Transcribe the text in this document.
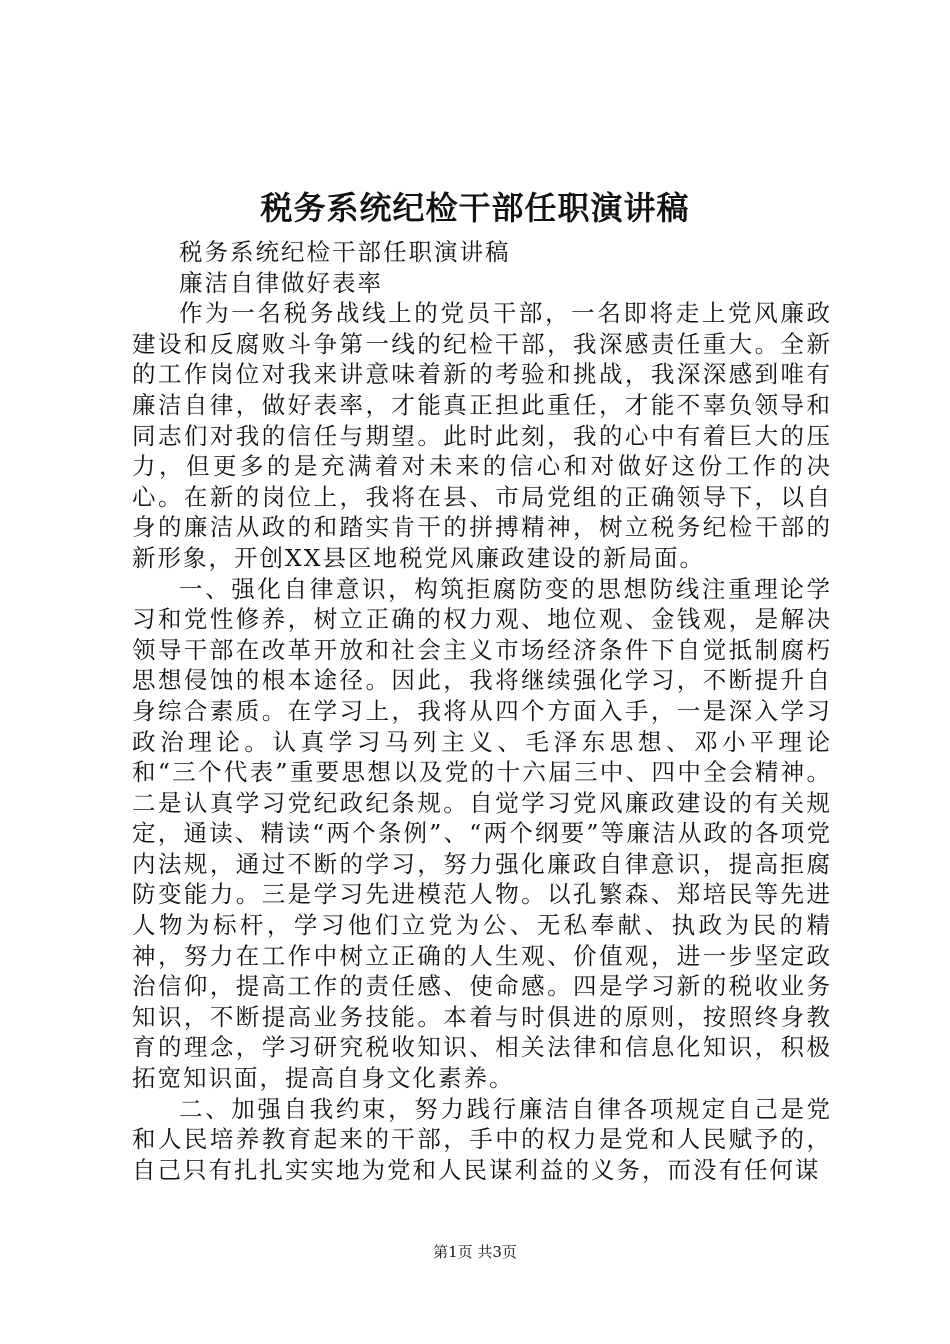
税务系统纪检干部任职演讲稿

税务系统纪检干部任职演讲稿

廉洁自律做好表率

作为一名税务战线上的党员干部，一名即将走上党风廉政建设和反腐败斗争第一线的纪检干部，我深感责任重大。全新的工作岗位对我来讲意味着新的考验和挑战，我深深感到唯有廉洁自律，做好表率，才能真正担此重任，才能不辜负领导和同志们对我的信任与期望。此时此刻，我的心中有着巨大的压力，但更多的是充满着对未来的信心和对做好这份工作的决心。在新的岗位上，我将在县、市局党组的正确领导下，以自身的廉洁从政的和踏实肯干的拼搏精神，树立税务纪检干部的新形象，开创XX县区地税党风廉政建设的新局面。

一、强化自律意识，构筑拒腐防变的思想防线注重理论学习和党性修养，树立正确的权力观、地位观、金钱观，是解决领导干部在改革开放和社会主义市场经济条件下自觉抵制腐朽思想侵蚀的根本途径。因此，我将继续强化学习，不断提升自身综合素质。在学习上，我将从四个方面入手，一是深入学习政治理论。认真学习马列主义、毛泽东思想、邓小平理论和“三个代表”重要思想以及党的十六届三中、四中全会精神。二是认真学习党纪政纪条规。自觉学习党风廉政建设的有关规定，通读、精读“两个条例”、“两个纲要”等廉洁从政的各项党内法规，通过不断的学习，努力强化廉政自律意识，提高拒腐防变能力。三是学习先进模范人物。以孔繁森、郑培民等先进人物为标杆，学习他们立党为公、无私奉献、执政为民的精神，努力在工作中树立正确的人生观、价值观，进一步坚定政治信仰，提高工作的责任感、使命感。四是学习新的税收业务知识，不断提高业务技能。本着与时俱进的原则，按照终身教育的理念，学习研究税收知识、相关法律和信息化知识，积极拓宽知识面，提高自身文化素养。

二、加强自我约束，努力践行廉洁自律各项规定自己是党和人民培养教育起来的干部，手中的权力是党和人民赋予的，自己只有扎扎实实地为党和人民谋利益的义务，而没有任何谋

第1页 共3页
